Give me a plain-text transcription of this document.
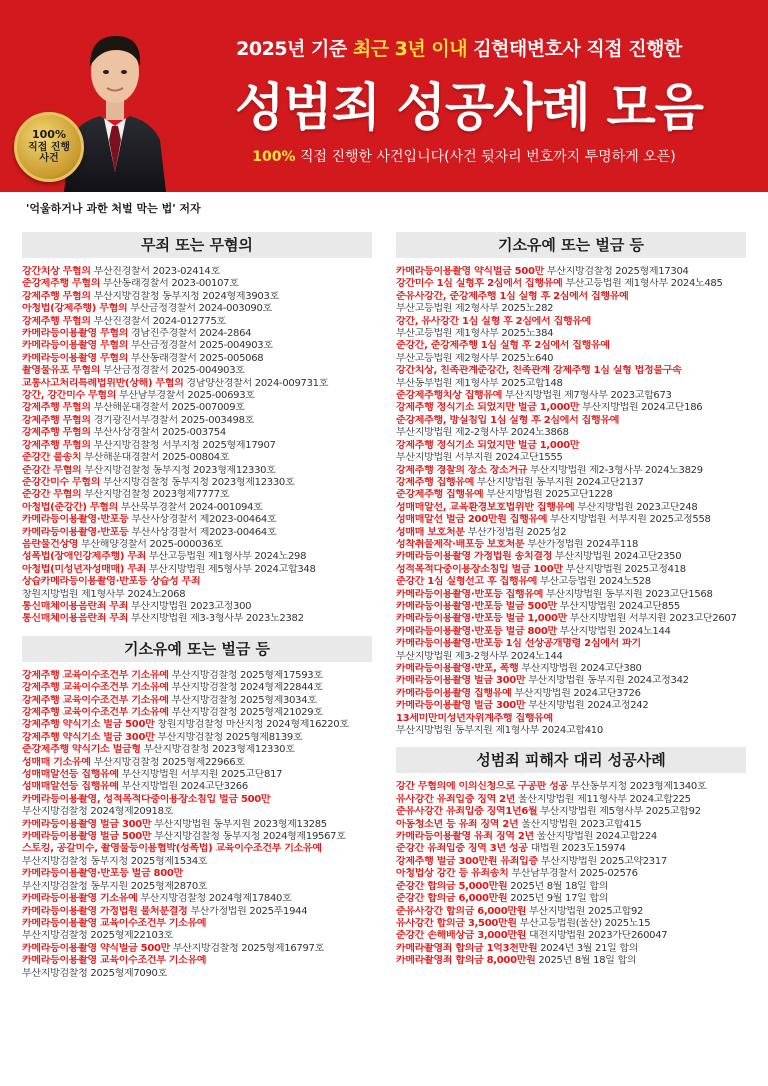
100%
직접 진행
사건
2025년 기준 최근 3년 이내 김현태변호사 직접 진행한
성범죄 성공사례 모음
100% 직접 진행한 사건입니다(사건 뒷자리 번호까지 투명하게 오픈)
'억울하거나 과한 처벌 막는 법' 저자
무죄 또는 무혐의
강간치상 무혐의 부산진경찰서 2023-02414호
준강제추행 무혐의 부산동래경찰서 2023-00107호
강제추행 무혐의 부산지방검찰청 동부지청 2024형제3903호
아청법(강제추행) 무혐의 부산금정경찰서 2024-003090호
강제추행 무혐의 부산진경찰서 2024-012775호
카메라등이용촬영 무혐의 경남진주경찰서 2024-2864
카메라등이용촬영 무혐의 부산금정경찰서 2025-004903호
카메라등이용촬영 무혐의 부산동래경찰서 2025-005068
촬영물유포 무혐의 부산금정경찰서 2025-004903호
교통사고처리특례법위반(상해) 무혐의 경남양산경찰서 2024-009731호
강간, 강간미수 무혐의 부산남부경찰서 2025-00693호
강제추행 무혐의 부산해운대경찰서 2025-007009호
강제추행 무혐의 경기광진서부경찰서 2025-003498호
강제추행 무혐의 부산사상경찰서 2025-003754
강제추행 무혐의 부산지방검찰청 서부지청 2025형제17907
준강간 불송치 부산해운대경찰서 2025-00804호
준강간 무혐의 부산지방검찰청 동부지청 2023형제12330호
준강간미수 무혐의 부산지방검찰청 동부지청 2023형제12330호
준강간 무혐의 부산지방검찰청 2023형제7777호
아청법(준강간) 무혐의 부산북부경찰서 2024-001094호
카메라등이용촬영·반포등 부산사상경찰서 제2023-00464호
카메라등이용촬영·반포등 부산사상경찰서 제2023-00464호
음란물건상영 부산해양경찰서 2025-000036호
성폭법(장애인강제추행) 무죄 부산고등법원 제1형사부 2024노298
아청법(미성년자성매매) 무죄 부산지방법원 제5형사부 2024고합348
상습카메라등이용촬영·반포등 상습성 무죄
창원지방법원 제1형사부 2024노2068
통신매체이용음란죄 무죄 부산지방법원 2023고정300
통신매체이용음란죄 무죄 부산지방법원 제3-3형사부 2023노2382
기소유예 또는 벌금 등
강제추행 교육이수조건부 기소유예 부산지방검찰청 2025형제17593호
강제추행 교육이수조건부 기소유예 부산지방검찰청 2024형제22844호
강제추행 교육이수조건부 기소유예 부산지방검찰청 2025형제3034호
강제추행 교육이수조건부 기소유예 부산지방검찰청 2025형제21029호
강제추행 약식기소 벌금 500만 창원지방검찰청 마산지청 2024형제16220호
강제추행 약식기소 벌금 300만 부산지방검찰청 2025형제8139호
준강제추행 약식기소 벌금형 부산지방검찰청 2023형제12330호
성매매 기소유예 부산지방검찰청 2025형제22966호
성매매알선등 집행유예 부산지방법원 서부지원 2025고단817
성매매알선등 집행유예 부산지방법원 2024고단3266
카메라등이용촬영, 성적목적다중이용장소침입 벌금 500만
부산지방검찰청 2024형제20918호
카메라등이용촬영 벌금 300만 부산지방법원 동부지원 2023형제13285
카메라등이용촬영 벌금 500만 부산지방검찰청 동부지청 2024형제19567호
스토킹, 공갈미수, 촬영물등이용협박(성폭법) 교육이수조건부 기소유예
부산지방검찰청 동부지청 2025형제1534호
카메라등이용촬영·반포등 벌금 800만
부산지방검찰청 동부지원 2025형제2870호
카메라등이용촬영 기소유예 부산지방검찰청 2024형제17840호
카메라등이용촬영 가정법원 불처분결정 부산가정법원 2025푸1944
카메라등이용촬영 교육이수조건부 기소유예
부산지방검찰청 2025형제22103호
카메라등이용촬영 약식벌금 500만 부산지방검찰청 2025형제16797호
카메라등이용촬영 교육이수조건부 기소유예
부산지방검찰청 2025형제7090호
기소유예 또는 벌금 등
카메라등이용촬영 약식벌금 500만 부산지방검찰청 2025형제17304
강간미수 1심 실형후 2심에서 집행유예 부산고등법원 제1형사부 2024노485
준유사강간, 준강제추행 1심 실형 후 2심에서 집행유예
부산고등법원 제2형사부 2025노282
강간, 유사강간 1심 실형 후 2심에서 집행유예
부산고등법원 제1형사부 2025노384
준강간, 준강제추행 1심 실형 후 2심에서 집행유예
부산고등법원 제2형사부 2025노640
강간치상, 친족관계준강간, 친족관계 강제추행 1심 실형 법정불구속
부산동부법원 제1형사부 2025고합148
준강제추행치상 집행유예 부산지방법원 제7형사부 2023고합673
강제추행 정식기소 되었지만 벌금 1,000만 부산지방법원 2024고단186
준강제추행, 방실침입 1심 실형 후 2심에서 집행유예
부산지방법원 제2-2형사부 2024노3868
강제추행 정식기소 되었지만 벌금 1,000만
부산지방법원 서부지원 2024고단1555
강제추행 경찰의 장소 장소거규 부산지방법원 제2-3형사부 2024노3829
강제추행 집행유예 부산지방법원 동부지원 2024고단2137
준강제추행 집행유예 부산지방법원 2025고단1228
성매매알선, 교육환경보호법위반 집행유예 부산지방법원 2023고단248
성매매알선 벌금 200만원 집행유예 부산지방법원 서부지원 2025고정558
성매매 보호처분 부산가정법원 2025성2
성착취물제작·배포등 보호처분 부산가정법원 2024푸118
카메라등이용촬영 가정법원 송치결정 부산지방법원 2024고단2350
성적목적다중이용장소침입 벌금 100만 부산지방법원 2025고정418
준강간 1심 실형선고 후 집행유예 부산고등법원 2024노528
카메라등이용촬영·반포등 집행유예 부산지방법원 동부지원 2023고단1568
카메라등이용촬영·반포등 벌금 500만 부산지방법원 2024고단855
카메라등이용촬영·반포등 벌금 1,000만 부산지방법원 서부지원 2023고단2607
카메라등이용촬영·반포등 벌금 800만 부산지방법원 2024노144
카메라등이용촬영·반포등 1심 선상공개명령 2심에서 파기
부산지방법원 제3-2형사부 2024노144
카메라등이용촬영·반포, 폭행 부산지방법원 2024고단380
카메라등이용촬영 벌금 300만 부산지방법원 동부지원 2024고정342
카메라등이용촬영 집행유예 부산지방법원 2024고단3726
카메라등이용촬영 벌금 300만 부산지방법원 2024고정242
13세미만미성년자위계추행 집행유예
부산지방법원 동부지원 제1형사부 2024고합410
성범죄 피해자 대리 성공사례
강간 무혐의에 이의신청으로 구공판 성공 부산동부지청 2023형제1340호
유사강간 유죄입증 징역 2년 울산지방법원 제11형사부 2024고합225
준유사강간 유죄입증 징역1년6월 부산지방법원 제5형사부 2025고합92
아동청소년 등 유죄 징역 2년 울산지방법원 2023고합415
카메라등이용촬영 유죄 징역 2년 울산지방법원 2024고합224
준강간 유죄입증 징역 3년 성공 대법원 2023도15974
강제추행 벌금 300만원 유죄입증 부산지방법원 2025고약2317
아청법상 강간 등 유죄송치 부산남부경찰서 2025-02576
준강간 합의금 5,000만원 2025년 8월 18일 합의
준강간 합의금 6,000만원 2025년 9월 17일 합의
준유사강간 합의금 6,000만원 부산지방법원 2025고합92
유사강간 합의금 3,500만원 부산고등법원(울산) 2025노15
준강간 손해배상금 3,000만원 대전지방법원 2023가단260047
카메라촬영죄 합의금 1억3천만원 2024년 3월 21일 합의
카메라촬영죄 합의금 8,000만원 2025년 8월 18일 합의
